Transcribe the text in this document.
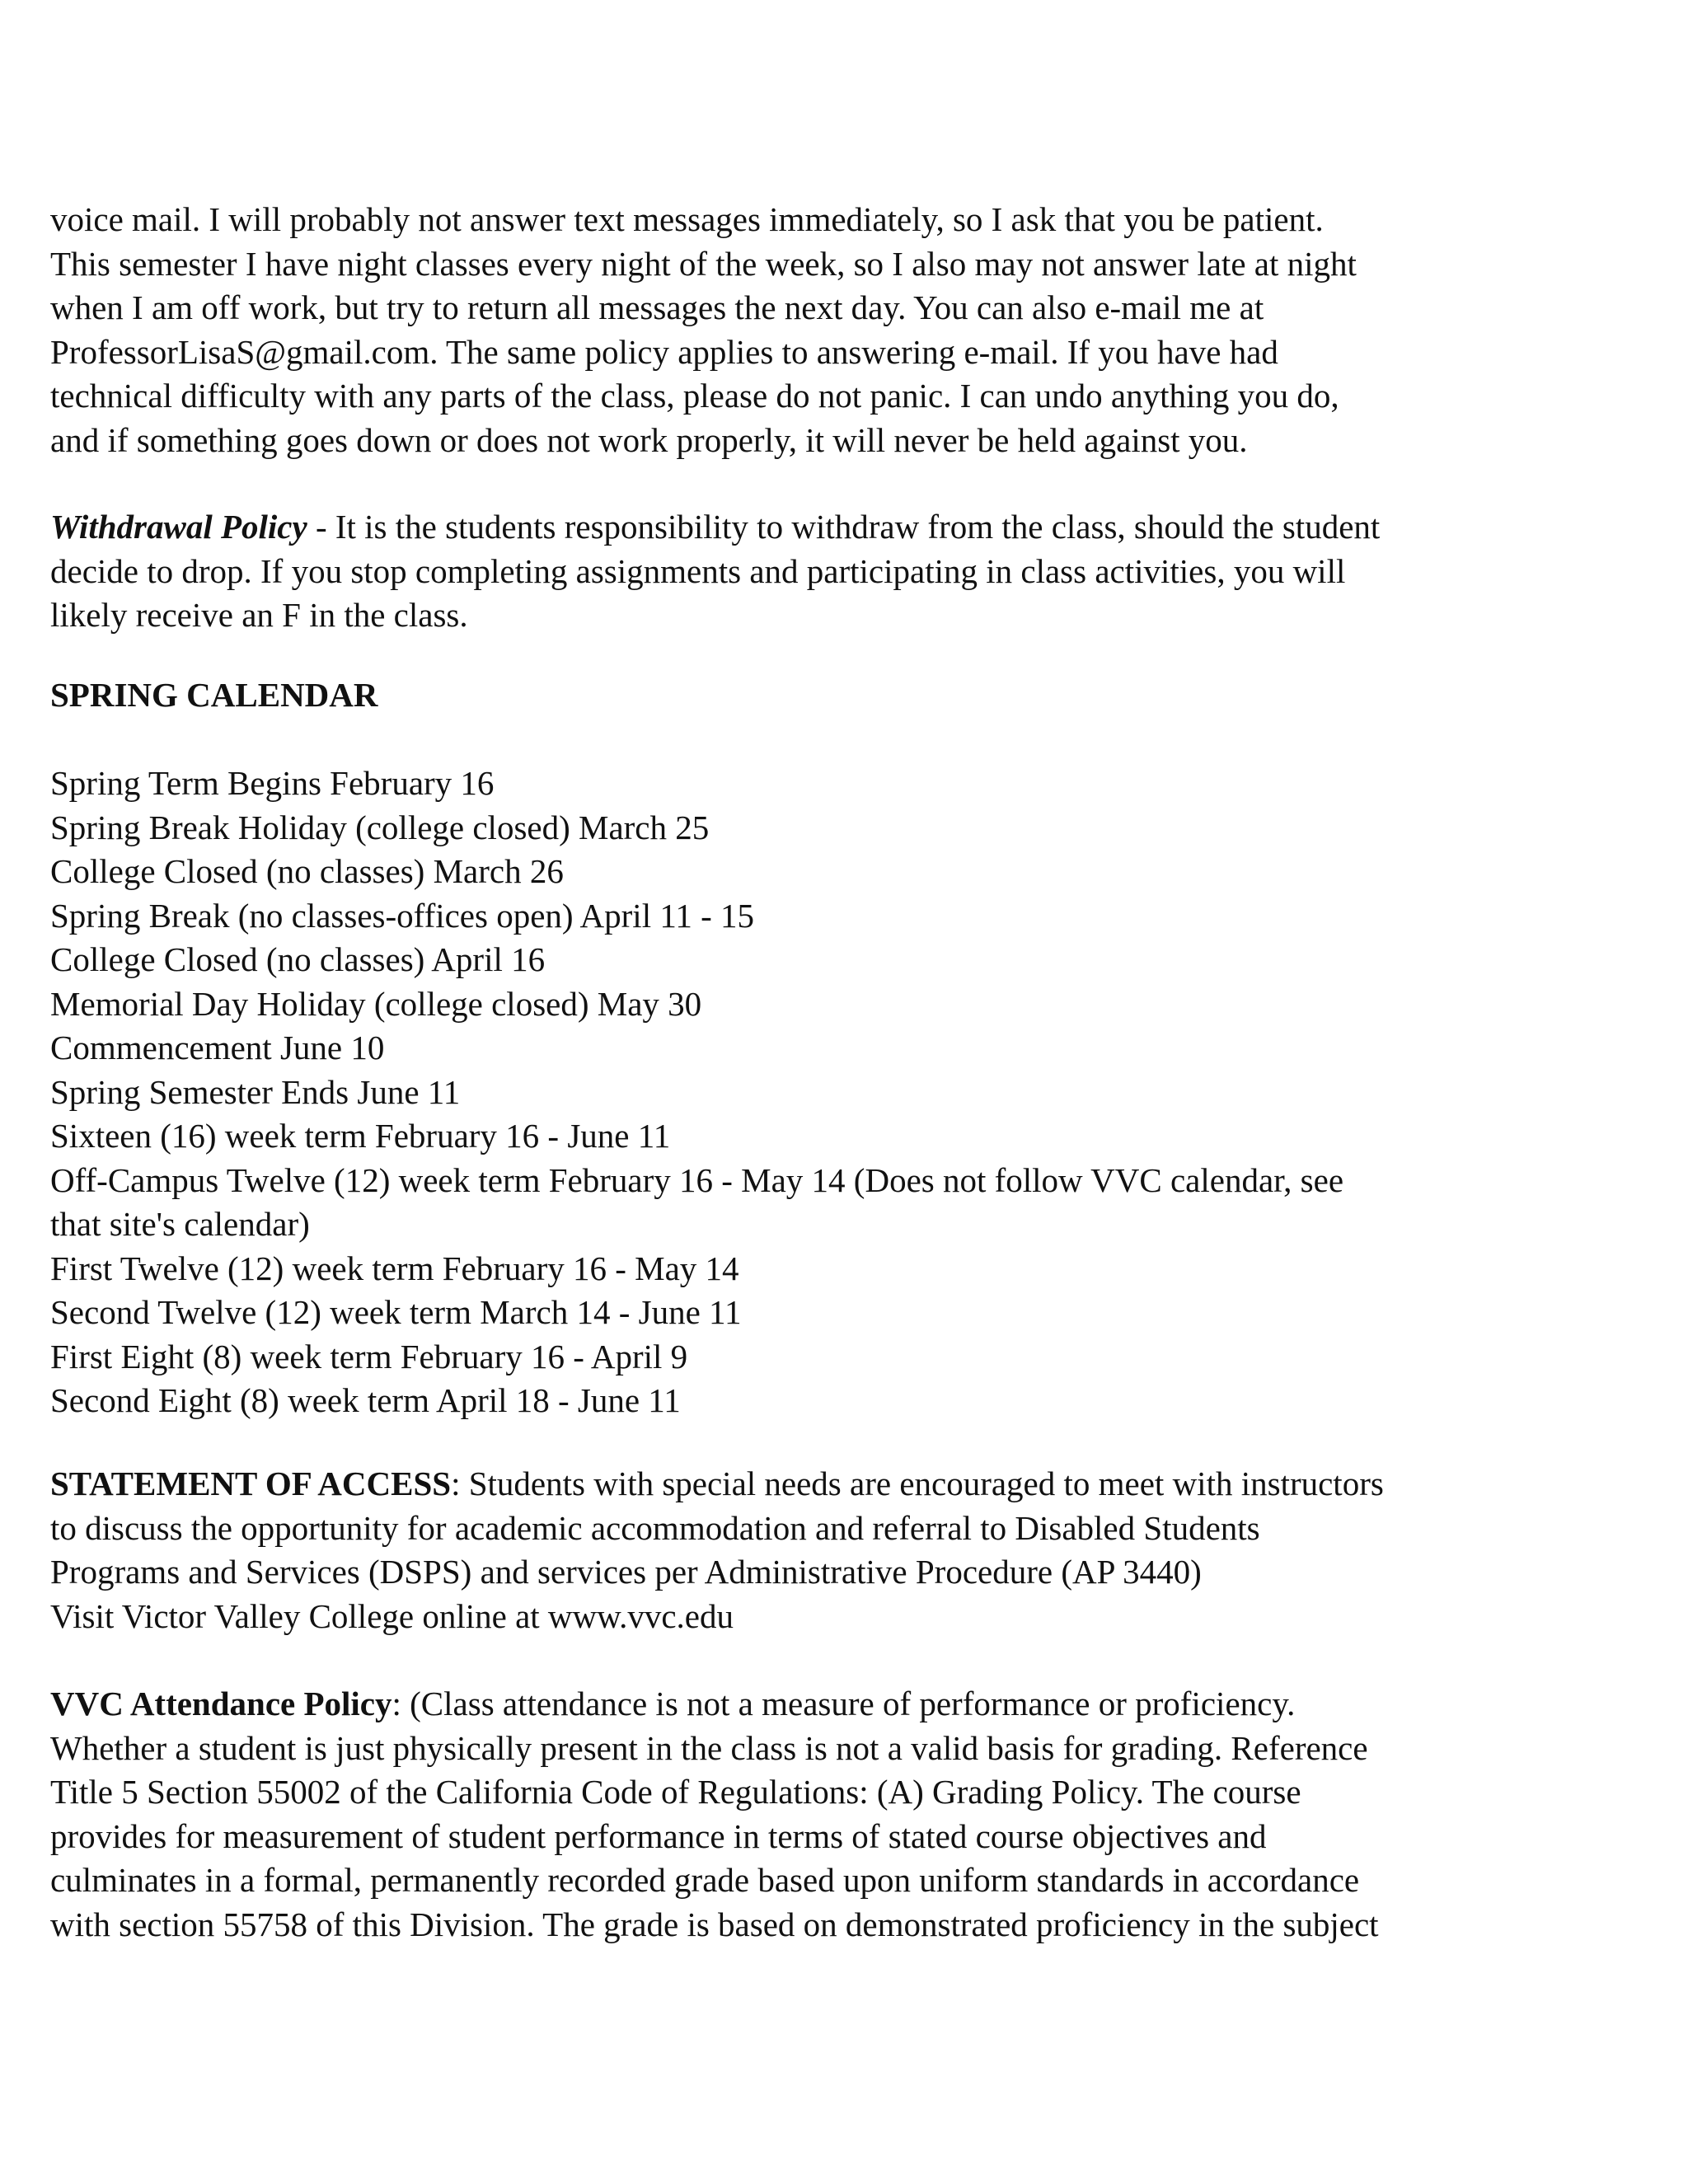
voice mail. I will probably not answer text messages immediately, so I ask that you be patient.
This semester I have night classes every night of the week, so I also may not answer late at night
when I am off work, but try to return all messages the next day. You can also e-mail me at
ProfessorLisaS@gmail.com. The same policy applies to answering e-mail. If you have had
technical difficulty with any parts of the class, please do not panic. I can undo anything you do,
and if something goes down or does not work properly, it will never be held against you.
Withdrawal Policy - It is the students responsibility to withdraw from the class, should the student
decide to drop. If you stop completing assignments and participating in class activities, you will
likely receive an F in the class.
SPRING CALENDAR
Spring Term Begins February 16
Spring Break Holiday (college closed) March 25
College Closed (no classes) March 26
Spring Break (no classes-offices open) April 11 - 15
College Closed (no classes) April 16
Memorial Day Holiday (college closed) May 30
Commencement June 10
Spring Semester Ends June 11
Sixteen (16) week term February 16 - June 11
Off-Campus Twelve (12) week term February 16 - May 14 (Does not follow VVC calendar, see
that site's calendar)
First Twelve (12) week term February 16 - May 14
Second Twelve (12) week term March 14 - June 11
First Eight (8) week term February 16 - April 9
Second Eight (8) week term April 18 - June 11
STATEMENT OF ACCESS: Students with special needs are encouraged to meet with instructors
to discuss the opportunity for academic accommodation and referral to Disabled Students
Programs and Services (DSPS) and services per Administrative Procedure (AP 3440)
Visit Victor Valley College online at www.vvc.edu
VVC Attendance Policy: (Class attendance is not a measure of performance or proficiency.
Whether a student is just physically present in the class is not a valid basis for grading. Reference
Title 5 Section 55002 of the California Code of Regulations: (A) Grading Policy. The course
provides for measurement of student performance in terms of stated course objectives and
culminates in a formal, permanently recorded grade based upon uniform standards in accordance
with section 55758 of this Division. The grade is based on demonstrated proficiency in the subject
